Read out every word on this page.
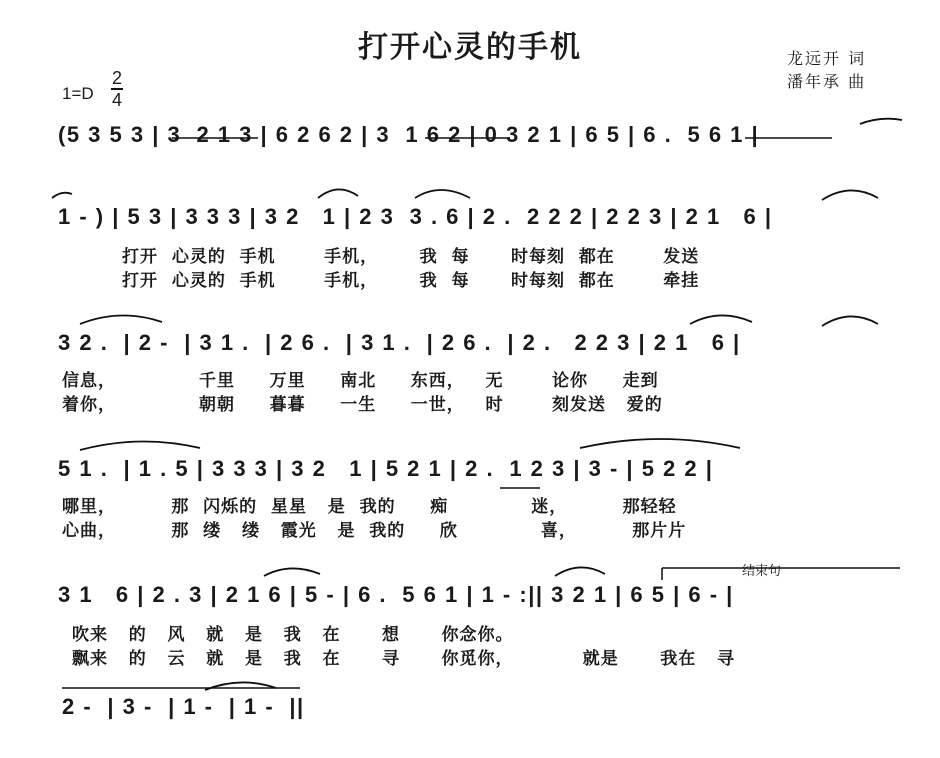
打开心灵的手机	龙远开 词
潘年承 曲
1=D
2
4
(5 3 5 3 | 3  2 1 3 | 6 2 6 2 | 3  1 6 2 | 0 3 2 1 | 6 5 | 6 .  5 6 1 |
1 - ) | 5 3 | 3 3 3 | 3 2   1 | 2 3  3 . 6 | 2 .  2 2 2 | 2 2 3 | 2 1   6 |
打开  心灵的  手机       手机，      我  每      时每刻  都在       发送
打开  心灵的  手机       手机，      我  每      时每刻  都在       牵挂
3 2 .  | 2 -  | 3 1 .  | 2 6 .  | 3 1 .  | 2 6 .  | 2 .   2 2 3 | 2 1   6 |
信息，            千里     万里     南北     东西，   无       论你     走到
着你，            朝朝     暮暮     一生     一世，   时       刻发送   爱的
5 1 .  | 1 . 5 | 3 3 3 | 3 2   1 | 5 2 1 | 2 .  1 2 3 | 3 - | 5 2 2 |
哪里，        那  闪烁的  星星   是  我的     痴            迷，        那轻轻
心曲，        那  缕   缕   霞光   是  我的     欣            喜，        那片片
结束句
3 1   6 | 2 . 3 | 2 1 6 | 5 - | 6 .  5 6 1 | 1 - :|| 3 2 1 | 6 5 | 6 - |
吹来   的   风   就   是   我   在      想      你念你。
飘来   的   云   就   是   我   在      寻      你觅你，          就是      我在   寻
2 -  | 3 -  | 1 -  | 1 -  ||
